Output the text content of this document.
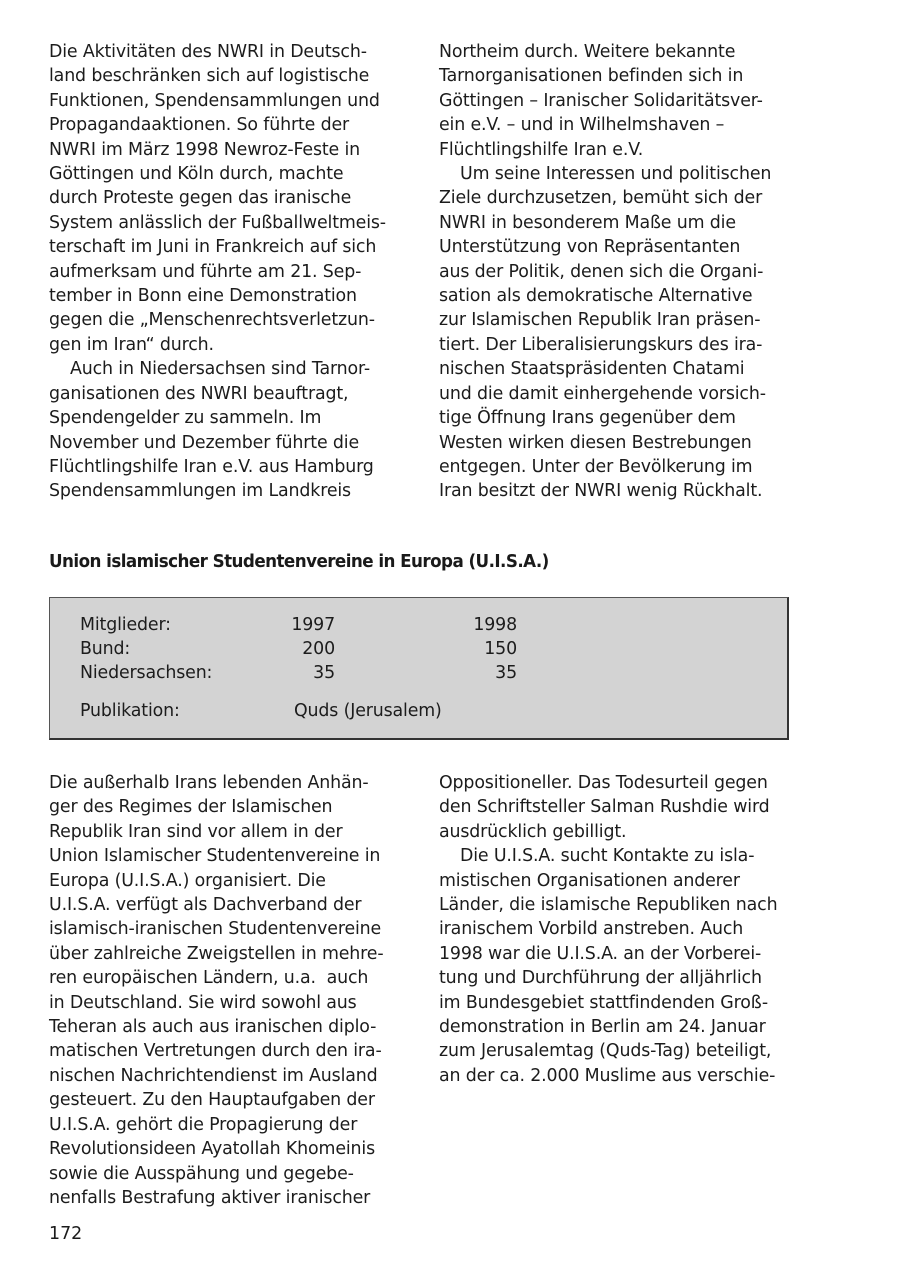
Die Aktivitäten des NWRI in Deutsch-
land beschränken sich auf logistische
Funktionen, Spendensammlungen und
Propagandaaktionen. So führte der
NWRI im März 1998 Newroz-Feste in
Göttingen und Köln durch, machte
durch Proteste gegen das iranische
System anlässlich der Fußballweltmeis-
terschaft im Juni in Frankreich auf sich
aufmerksam und führte am 21. Sep-
tember in Bonn eine Demonstration
gegen die „Menschenrechtsverletzun-
gen im Iran“ durch.

Auch in Niedersachsen sind Tarnor-
ganisationen des NWRI beauftragt,
Spendengelder zu sammeln. Im
November und Dezember führte die
Flüchtlingshilfe Iran e.V. aus Hamburg
Spendensammlungen im Landkreis

Northeim durch. Weitere bekannte
Tarnorganisationen befinden sich in
Göttingen – Iranischer Solidaritätsver-
ein e.V. – und in Wilhelmshaven –
Flüchtlingshilfe Iran e.V.

Um seine Interessen und politischen
Ziele durchzusetzen, bemüht sich der
NWRI in besonderem Maße um die
Unterstützung von Repräsentanten
aus der Politik, denen sich die Organi-
sation als demokratische Alternative
zur Islamischen Republik Iran präsen-
tiert. Der Liberalisierungskurs des ira-
nischen Staatspräsidenten Chatami
und die damit einhergehende vorsich-
tige Öffnung Irans gegenüber dem
Westen wirken diesen Bestrebungen
entgegen. Unter der Bevölkerung im
Iran besitzt der NWRI wenig Rückhalt.

Union islamischer Studentenvereine in Europa (U.I.S.A.)
Mitglieder:	1997	1998
Bund:	200	150
Niedersachsen:	35	35
Publikation:	Quds (Jerusalem)

Die außerhalb Irans lebenden Anhän-
ger des Regimes der Islamischen
Republik Iran sind vor allem in der
Union Islamischer Studentenvereine in
Europa (U.I.S.A.) organisiert. Die
U.I.S.A. verfügt als Dachverband der
islamisch-iranischen Studentenvereine
über zahlreiche Zweigstellen in mehre-
ren europäischen Ländern, u.a.  auch
in Deutschland. Sie wird sowohl aus
Teheran als auch aus iranischen diplo-
matischen Vertretungen durch den ira-
nischen Nachrichtendienst im Ausland
gesteuert. Zu den Hauptaufgaben der
U.I.S.A. gehört die Propagierung der
Revolutionsideen Ayatollah Khomeinis
sowie die Ausspähung und gegebe-
nenfalls Bestrafung aktiver iranischer

Oppositioneller. Das Todesurteil gegen
den Schriftsteller Salman Rushdie wird
ausdrücklich gebilligt.

Die U.I.S.A. sucht Kontakte zu isla-
mistischen Organisationen anderer
Länder, die islamische Republiken nach
iranischem Vorbild anstreben. Auch
1998 war die U.I.S.A. an der Vorberei-
tung und Durchführung der alljährlich
im Bundesgebiet stattfindenden Groß-
demonstration in Berlin am 24. Januar
zum Jerusalemtag (Quds-Tag) beteiligt,
an der ca. 2.000 Muslime aus verschie-

172
